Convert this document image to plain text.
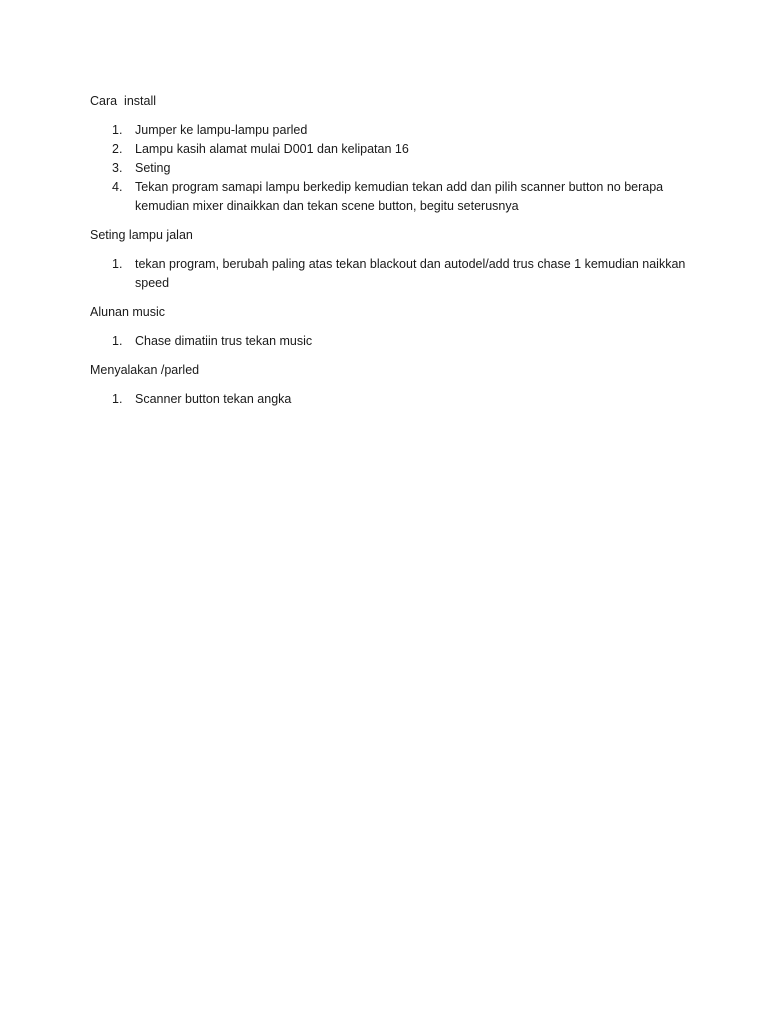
Cara  install

1.	Jumper ke lampu-lampu parled
2.	Lampu kasih alamat mulai D001 dan kelipatan 16
3.	Seting
4.	Tekan program samapi lampu berkedip kemudian tekan add dan pilih scanner button no berapa kemudian mixer dinaikkan dan tekan scene button, begitu seterusnya

Seting lampu jalan

1.	tekan program, berubah paling atas tekan blackout dan autodel/add trus chase 1 kemudian naikkan speed

Alunan music

1.	Chase dimatiin trus tekan music

Menyalakan /parled

1.	Scanner button tekan angka
